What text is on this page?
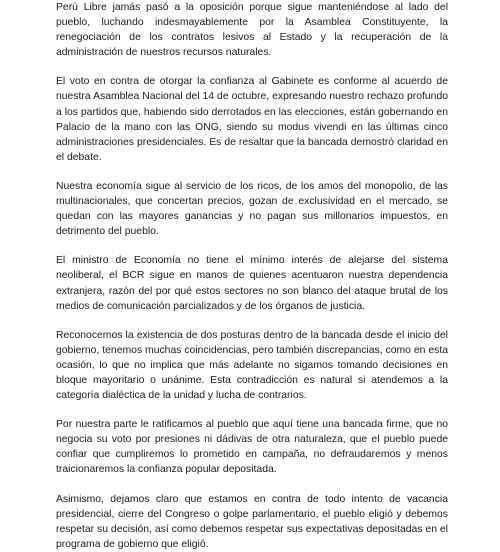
Perú Libre jamás pasó a la oposición porque sigue manteniéndose al lado del pueblo, luchando indesmayablemente por la Asamblea Constituyente, la renegociación de los contratos lesivos al Estado y la recuperación de la administración de nuestros recursos naturales.

El voto en contra de otorgar la confianza al Gabinete es conforme al acuerdo de nuestra Asamblea Nacional del 14 de octubre, expresando nuestro rechazo profundo a los partidos que, habiendo sido derrotados en las elecciones, están gobernando en Palacio de la mano con las ONG, siendo su modus vivendi en las últimas cinco administraciones presidenciales. Es de resaltar que la bancada demostró claridad en el debate.

Nuestra economía sigue al servicio de los ricos, de los amos del monopolio, de las multinacionales, que concertan precios, gozan de exclusividad en el mercado, se quedan con las mayores ganancias y no pagan sus millonarios impuestos, en detrimento del pueblo.

El ministro de Economía no tiene el mínimo interés de alejarse del sistema neoliberal, el BCR sigue en manos de quienes acentuaron nuestra dependencia extranjera, razón del por qué estos sectores no son blanco del ataque brutal de los medios de comunicación parcializados y de los órganos de justicia.

Reconocemos la existencia de dos posturas dentro de la bancada desde el inicio del gobierno, tenemos muchas coincidencias, pero también discrepancias, como en esta ocasión, lo que no implica que más adelante no sigamos tomando decisiones en bloque mayoritario o unánime. Esta contradicción es natural si atendemos a la categoría dialéctica de la unidad y lucha de contrarios.

Por nuestra parte le ratificamos al pueblo que aquí tiene una bancada firme, que no negocia su voto por presiones ni dádivas de otra naturaleza, que el pueblo puede confiar que cumpliremos lo prometido en campaña, no defraudaremos y menos traicionaremos la confianza popular depositada.

Asimismo, dejamos claro que estamos en contra de todo intento de vacancia presidencial, cierre del Congreso o golpe parlamentario, el pueblo eligió y debemos respetar su decisión, así como debemos respetar sus expectativas depositadas en el programa de gobierno que eligió.
